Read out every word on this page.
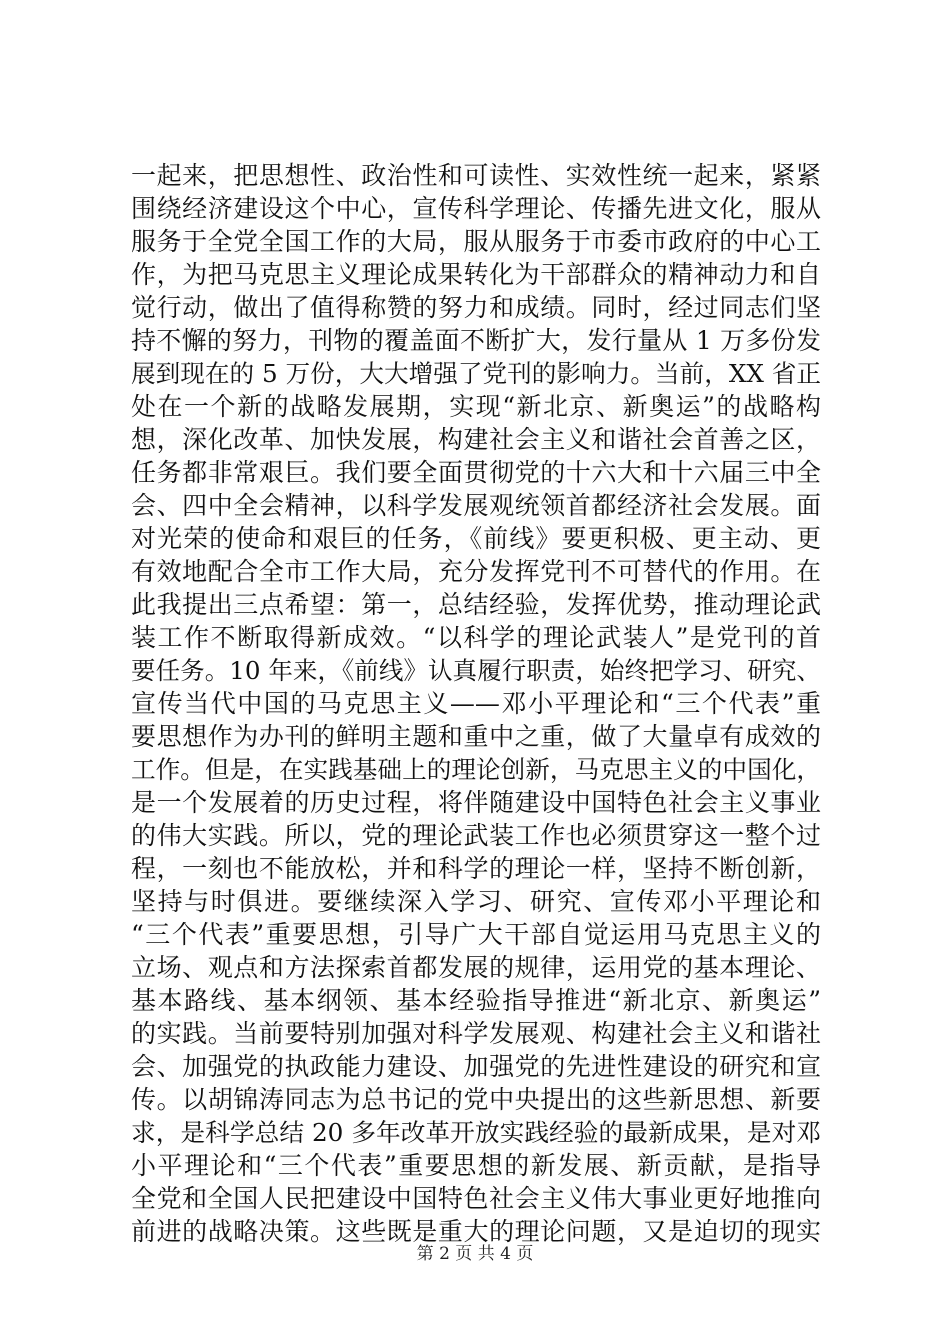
一起来，把思想性、政治性和可读性、实效性统一起来，紧紧
围绕经济建设这个中心，宣传科学理论、传播先进文化，服从
服务于全党全国工作的大局，服从服务于市委市政府的中心工
作，为把马克思主义理论成果转化为干部群众的精神动力和自
觉行动，做出了值得称赞的努力和成绩。同时，经过同志们坚
持不懈的努力，刊物的覆盖面不断扩大，发行量从 1 万多份发
展到现在的 5 万份，大大增强了党刊的影响力。当前，XX 省正
处在一个新的战略发展期，实现“新北京、新奥运”的战略构
想，深化改革、加快发展，构建社会主义和谐社会首善之区，
任务都非常艰巨。我们要全面贯彻党的十六大和十六届三中全
会、四中全会精神，以科学发展观统领首都经济社会发展。面
对光荣的使命和艰巨的任务，《前线》要更积极、更主动、更
有效地配合全市工作大局，充分发挥党刊不可替代的作用。在
此我提出三点希望：第一，总结经验，发挥优势，推动理论武
装工作不断取得新成效。“以科学的理论武装人”是党刊的首
要任务。10 年来，《前线》认真履行职责，始终把学习、研究、
宣传当代中国的马克思主义——邓小平理论和“三个代表”重
要思想作为办刊的鲜明主题和重中之重，做了大量卓有成效的
工作。但是，在实践基础上的理论创新，马克思主义的中国化，
是一个发展着的历史过程，将伴随建设中国特色社会主义事业
的伟大实践。所以，党的理论武装工作也必须贯穿这一整个过
程，一刻也不能放松，并和科学的理论一样，坚持不断创新，
坚持与时俱进。要继续深入学习、研究、宣传邓小平理论和
“三个代表”重要思想，引导广大干部自觉运用马克思主义的
立场、观点和方法探索首都发展的规律，运用党的基本理论、
基本路线、基本纲领、基本经验指导推进“新北京、新奥运”
的实践。当前要特别加强对科学发展观、构建社会主义和谐社
会、加强党的执政能力建设、加强党的先进性建设的研究和宣
传。以胡锦涛同志为总书记的党中央提出的这些新思想、新要
求，是科学总结 20 多年改革开放实践经验的最新成果，是对邓
小平理论和“三个代表”重要思想的新发展、新贡献，是指导
全党和全国人民把建设中国特色社会主义伟大事业更好地推向
前进的战略决策。这些既是重大的理论问题，又是迫切的现实
第 2 页 共 4 页
